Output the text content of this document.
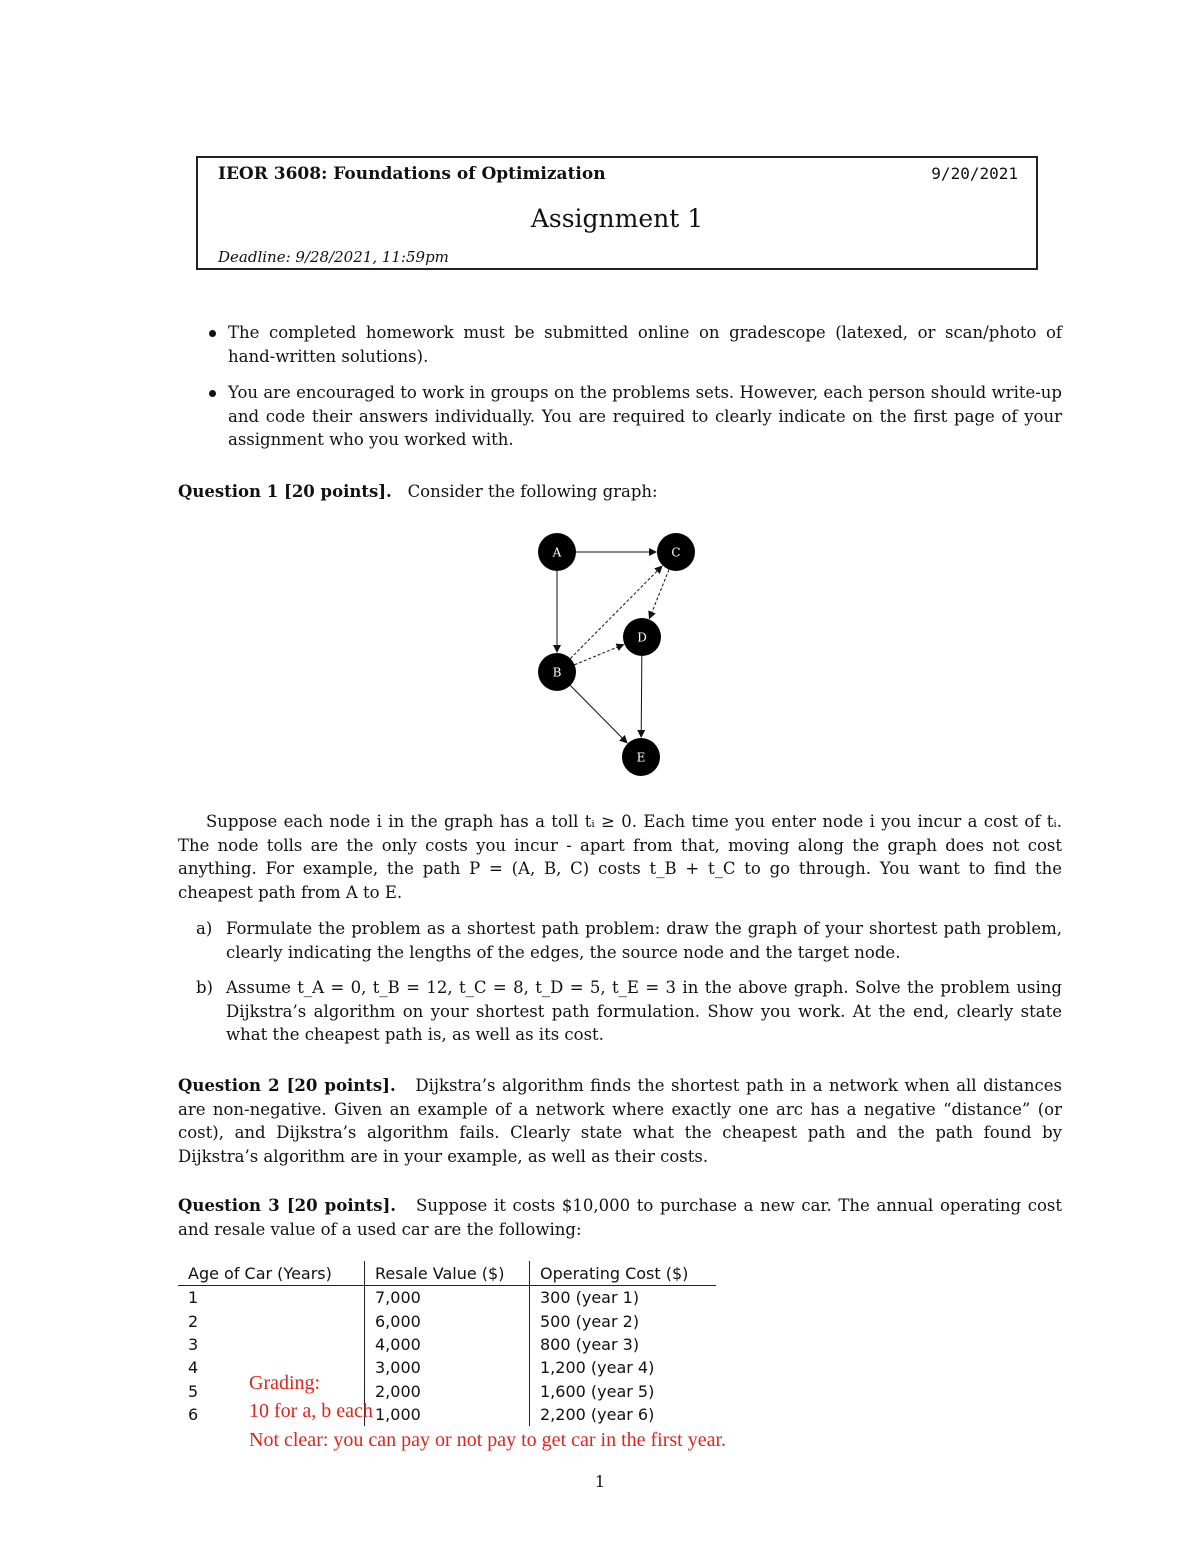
IEOR 3608: Foundations of Optimization	9/20/2021
Assignment 1
Deadline: 9/28/2021, 11:59pm
The completed homework must be submitted online on gradescope (latexed, or scan/photo of hand-written solutions).
You are encouraged to work in groups on the problems sets. However, each person should write-up and code their answers individually. You are required to clearly indicate on the first page of your assignment who you worked with.
Question 1 [20 points]. Consider the following graph:
A	C
D
B
E
Suppose each node i in the graph has a toll tᵢ ≥ 0. Each time you enter node i you incur a cost of tᵢ. The node tolls are the only costs you incur - apart from that, moving along the graph does not cost anything. For example, the path P = (A, B, C) costs t_B + t_C to go through. You want to find the cheapest path from A to E.
a) Formulate the problem as a shortest path problem: draw the graph of your shortest path problem, clearly indicating the lengths of the edges, the source node and the target node.
b) Assume t_A = 0, t_B = 12, t_C = 8, t_D = 5, t_E = 3 in the above graph. Solve the problem using Dijkstra’s algorithm on your shortest path formulation. Show you work. At the end, clearly state what the cheapest path is, as well as its cost.
Question 2 [20 points]. Dijkstra’s algorithm finds the shortest path in a network when all distances are non-negative. Given an example of a network where exactly one arc has a negative “distance” (or cost), and Dijkstra’s algorithm fails. Clearly state what the cheapest path and the path found by Dijkstra’s algorithm are in your example, as well as their costs.
Question 3 [20 points]. Suppose it costs $10,000 to purchase a new car. The annual operating cost and resale value of a used car are the following:
Age of Car (Years)	Resale Value ($)	Operating Cost ($)
1	7,000	300 (year 1)
2	6,000	500 (year 2)
3	4,000	800 (year 3)
4	3,000	1,200 (year 4)
5	2,000	1,600 (year 5)
6	1,000	2,200 (year 6)
Grading:
10 for a, b each
Not clear: you can pay or not pay to get car in the first year.
1
